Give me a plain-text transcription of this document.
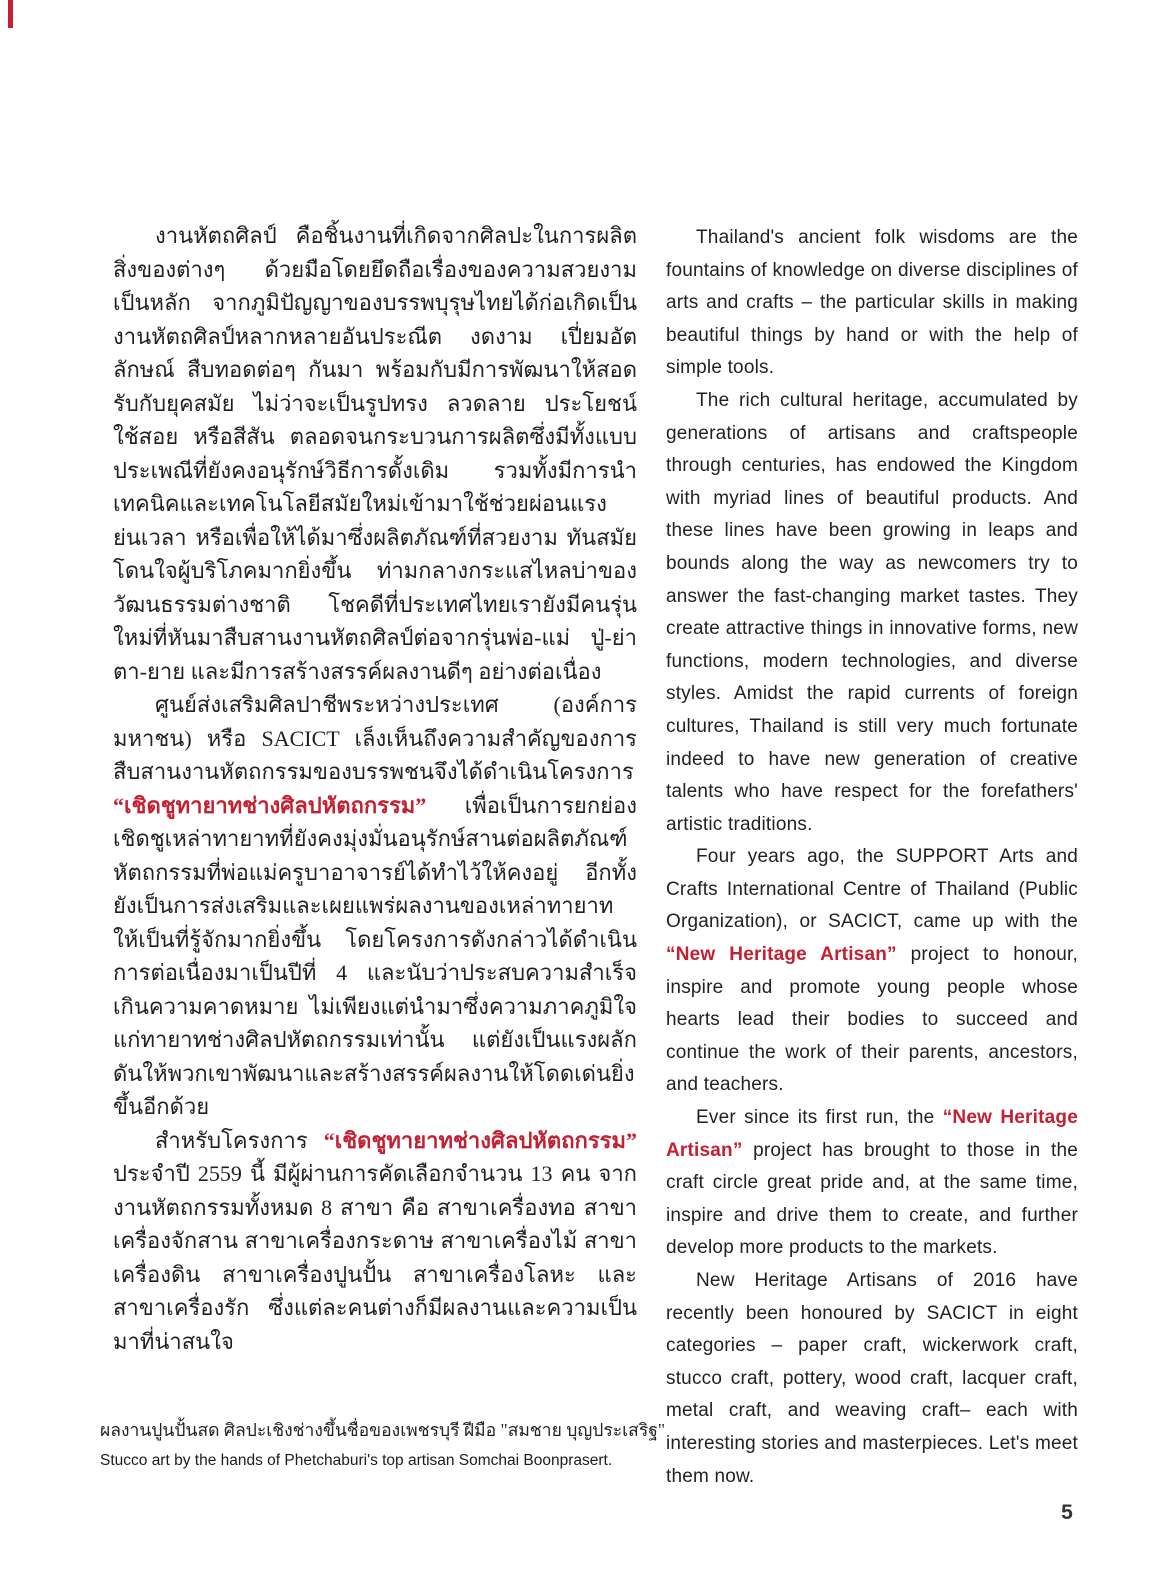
งานหัตถศิลป์ คือชิ้นงานที่เกิดจากศิลปะในการผลิตสิ่งของต่างๆ ด้วยมือโดยยึดถือเรื่องของความสวยงามเป็นหลัก จากภูมิปัญญาของบรรพบุรุษไทยได้ก่อเกิดเป็นงานหัตถศิลป์หลากหลายอันประณีต งดงาม เปี่ยมอัตลักษณ์ สืบทอดต่อๆ กันมา พร้อมกับมีการพัฒนาให้สอดรับกับยุคสมัย ไม่ว่าจะเป็นรูปทรง ลวดลาย ประโยชน์ใช้สอย หรือสีสัน ตลอดจนกระบวนการผลิตซึ่งมีทั้งแบบประเพณีที่ยังคงอนุรักษ์วิธีการดั้งเดิม รวมทั้งมีการนำเทคนิคและเทคโนโลยีสมัยใหม่เข้ามาใช้ช่วยผ่อนแรง ย่นเวลา หรือเพื่อให้ได้มาซึ่งผลิตภัณฑ์ที่สวยงาม ทันสมัย โดนใจผู้บริโภคมากยิ่งขึ้น ท่ามกลางกระแสไหลบ่าของวัฒนธรรมต่างชาติ โชคดีที่ประเทศไทยเรายังมีคนรุ่นใหม่ที่หันมาสืบสานงานหัตถศิลป์ต่อจากรุ่นพ่อ-แม่ ปู่-ย่า ตา-ยาย และมีการสร้างสรรค์ผลงานดีๆ อย่างต่อเนื่อง

ศูนย์ส่งเสริมศิลปาชีพระหว่างประเทศ (องค์การมหาชน) หรือ SACICT เล็งเห็นถึงความสำคัญของการสืบสานงานหัตถกรรมของบรรพชนจึงได้ดำเนินโครงการ “เชิดชูทายาทช่างศิลปหัตถกรรม” เพื่อเป็นการยกย่องเชิดชูเหล่าทายาทที่ยังคงมุ่งมั่นอนุรักษ์สานต่อผลิตภัณฑ์หัตถกรรมที่พ่อแม่ครูบาอาจารย์ได้ทำไว้ให้คงอยู่ อีกทั้งยังเป็นการส่งเสริมและเผยแพร่ผลงานของเหล่าทายาทให้เป็นที่รู้จักมากยิ่งขึ้น โดยโครงการดังกล่าวได้ดำเนินการต่อเนื่องมาเป็นปีที่ 4 และนับว่าประสบความสำเร็จเกินความคาดหมาย ไม่เพียงแต่นำมาซึ่งความภาคภูมิใจแก่ทายาทช่างศิลปหัตถกรรมเท่านั้น แต่ยังเป็นแรงผลักดันให้พวกเขาพัฒนาและสร้างสรรค์ผลงานให้โดดเด่นยิ่งขึ้นอีกด้วย

สำหรับโครงการ “เชิดชูทายาทช่างศิลปหัตถกรรม” ประจำปี 2559 นี้ มีผู้ผ่านการคัดเลือกจำนวน 13 คน จากงานหัตถกรรมทั้งหมด 8 สาขา คือ สาขาเครื่องทอ สาขาเครื่องจักสาน สาขาเครื่องกระดาษ สาขาเครื่องไม้ สาขาเครื่องดิน สาขาเครื่องปูนปั้น สาขาเครื่องโลหะ และสาขาเครื่องรัก ซึ่งแต่ละคนต่างก็มีผลงานและความเป็นมาที่น่าสนใจ

Thailand's ancient folk wisdoms are the fountains of knowledge on diverse disciplines of arts and crafts – the particular skills in making beautiful things by hand or with the help of simple tools.

The rich cultural heritage, accumulated by generations of artisans and craftspeople through centuries, has endowed the Kingdom with myriad lines of beautiful products. And these lines have been growing in leaps and bounds along the way as newcomers try to answer the fast-changing market tastes. They create attractive things in innovative forms, new functions, modern technologies, and diverse styles. Amidst the rapid currents of foreign cultures, Thailand is still very much fortunate indeed to have new generation of creative talents who have respect for the forefathers' artistic traditions.

Four years ago, the SUPPORT Arts and Crafts International Centre of Thailand (Public Organization), or SACICT, came up with the “New Heritage Artisan” project to honour, inspire and promote young people whose hearts lead their bodies to succeed and continue the work of their parents, ancestors, and teachers.

Ever since its first run, the “New Heritage Artisan” project has brought to those in the craft circle great pride and, at the same time, inspire and drive them to create, and further develop more products to the markets.

New Heritage Artisans of 2016 have recently been honoured by SACICT in eight categories – paper craft, wickerwork craft, stucco craft, pottery, wood craft, lacquer craft, metal craft, and weaving craft– each with interesting stories and masterpieces. Let's meet them now.

ผลงานปูนปั้นสด ศิลปะเชิงช่างขึ้นชื่อของเพชรบุรี ฝีมือ "สมชาย บุญประเสริฐ"
Stucco art by the hands of Phetchaburi's top artisan Somchai Boonprasert.
5
